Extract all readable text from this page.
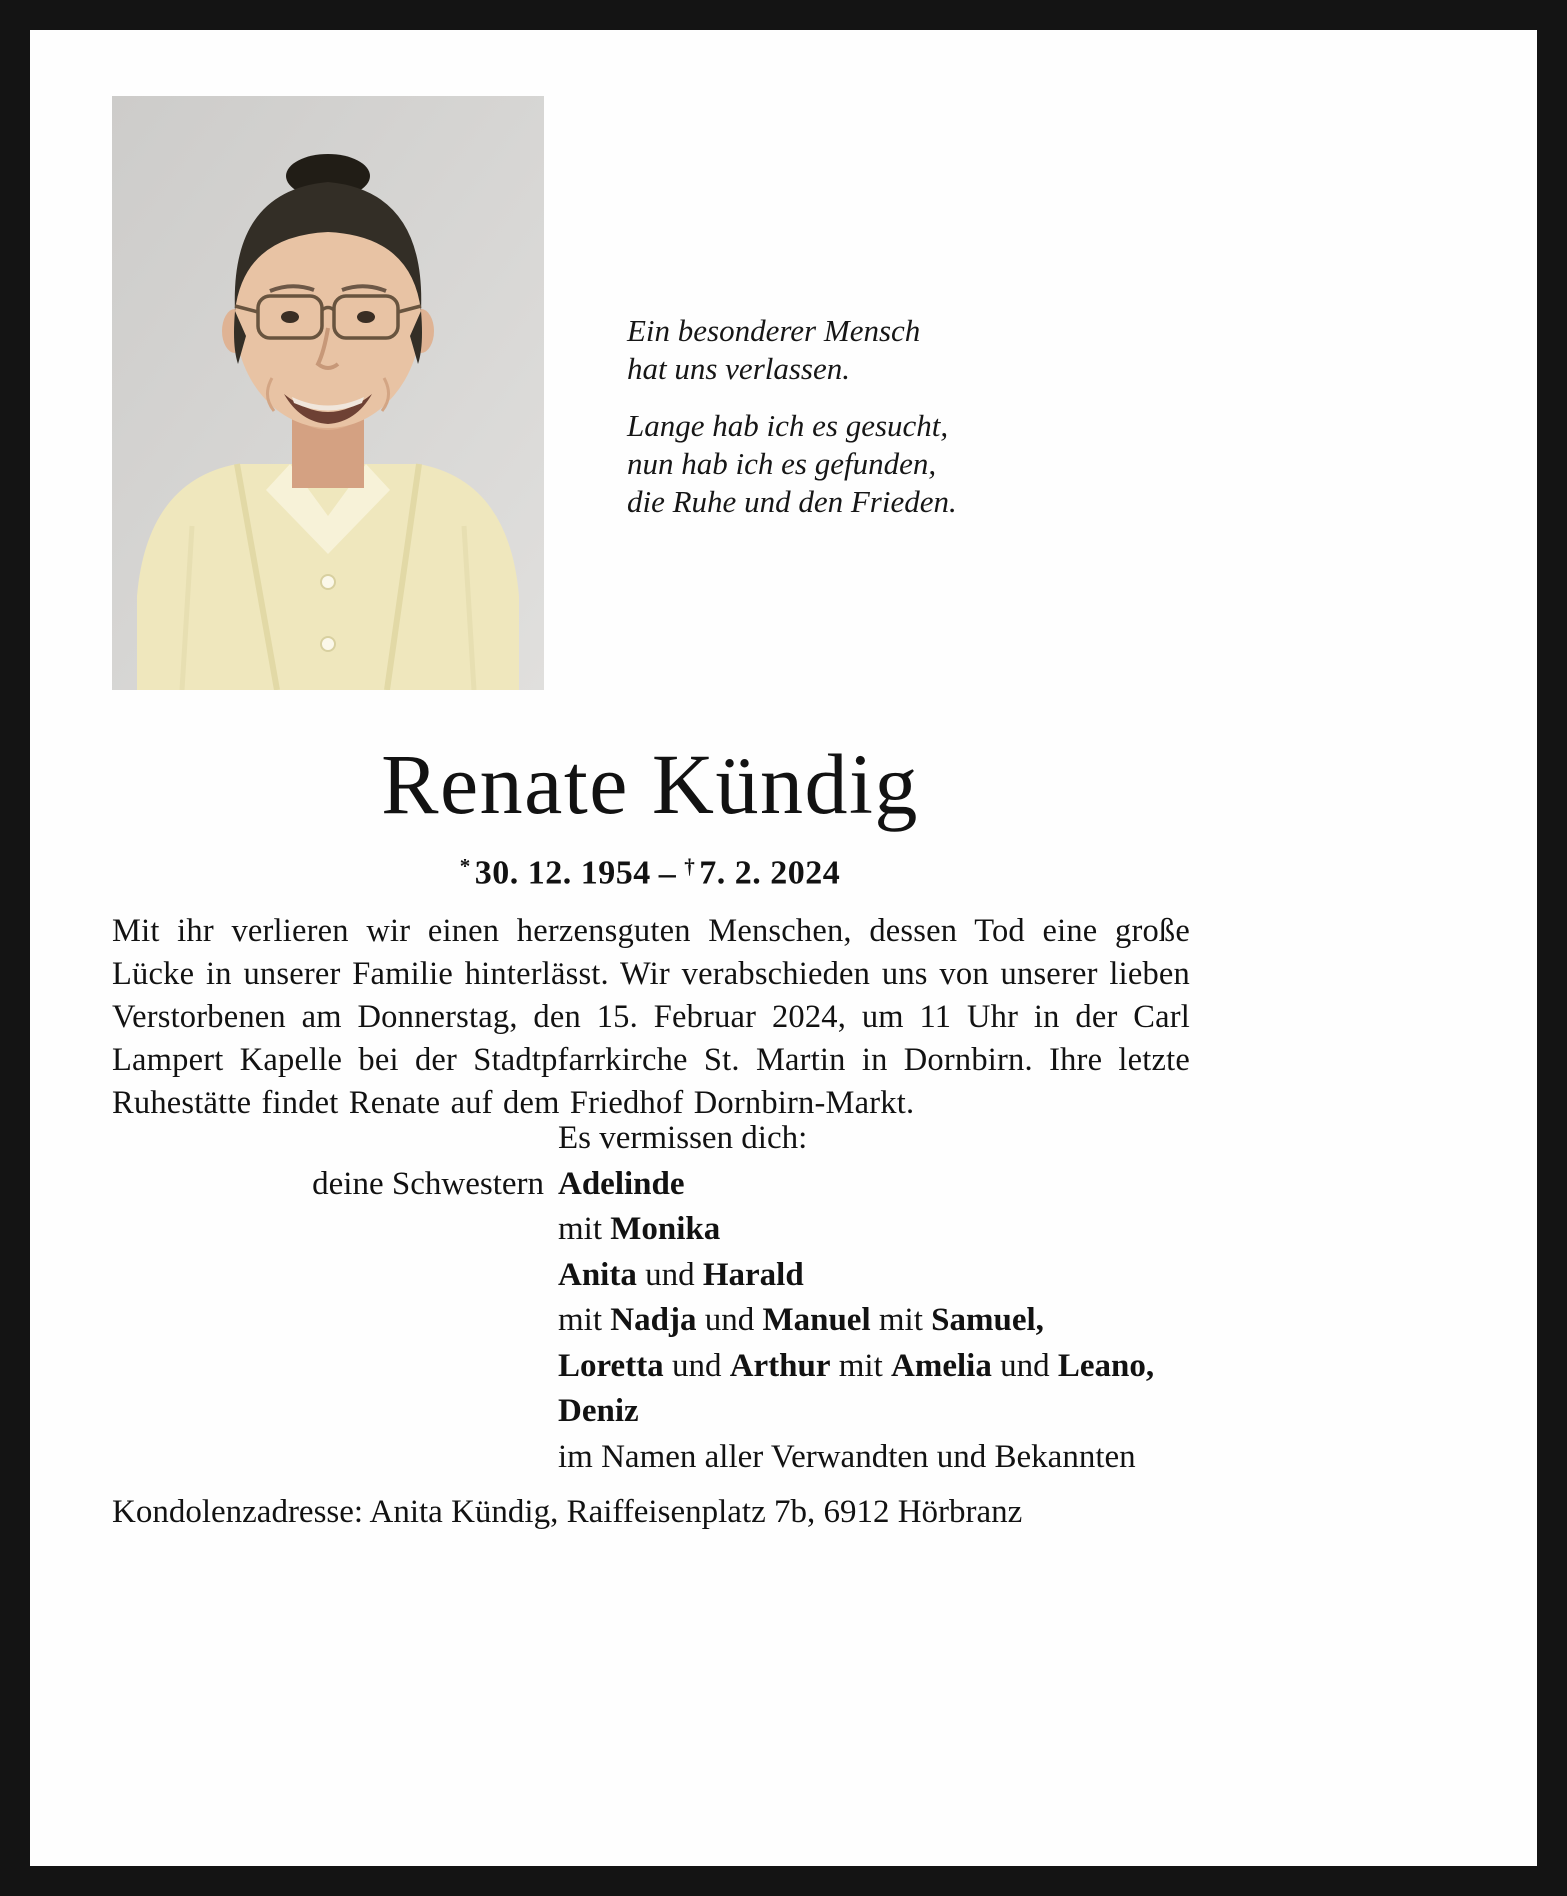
Ein besonderer Mensch
hat uns verlassen.

Lange hab ich es gesucht,
nun hab ich es gefunden,
die Ruhe und den Frieden.

Renate Kündig
* 30. 12. 1954 – † 7. 2. 2024

Mit ihr verlieren wir einen herzensguten Menschen, dessen Tod eine große Lücke in unserer Familie hinterlässt. Wir verabschieden uns von unserer lieben Verstorbenen am Donnerstag, den 15. Februar 2024, um 11 Uhr in der Carl Lampert Kapelle bei der Stadtpfarrkirche St. Martin in Dornbirn. Ihre letzte Ruhestätte findet Renate auf dem Friedhof Dornbirn-Markt.

Es vermissen dich:
deine Schwestern Adelinde
mit Monika
Anita und Harald
mit Nadja und Manuel mit Samuel,
Loretta und Arthur mit Amelia und Leano,
Deniz
im Namen aller Verwandten und Bekannten

Kondolenzadresse: Anita Kündig, Raiffeisenplatz 7b, 6912 Hörbranz
